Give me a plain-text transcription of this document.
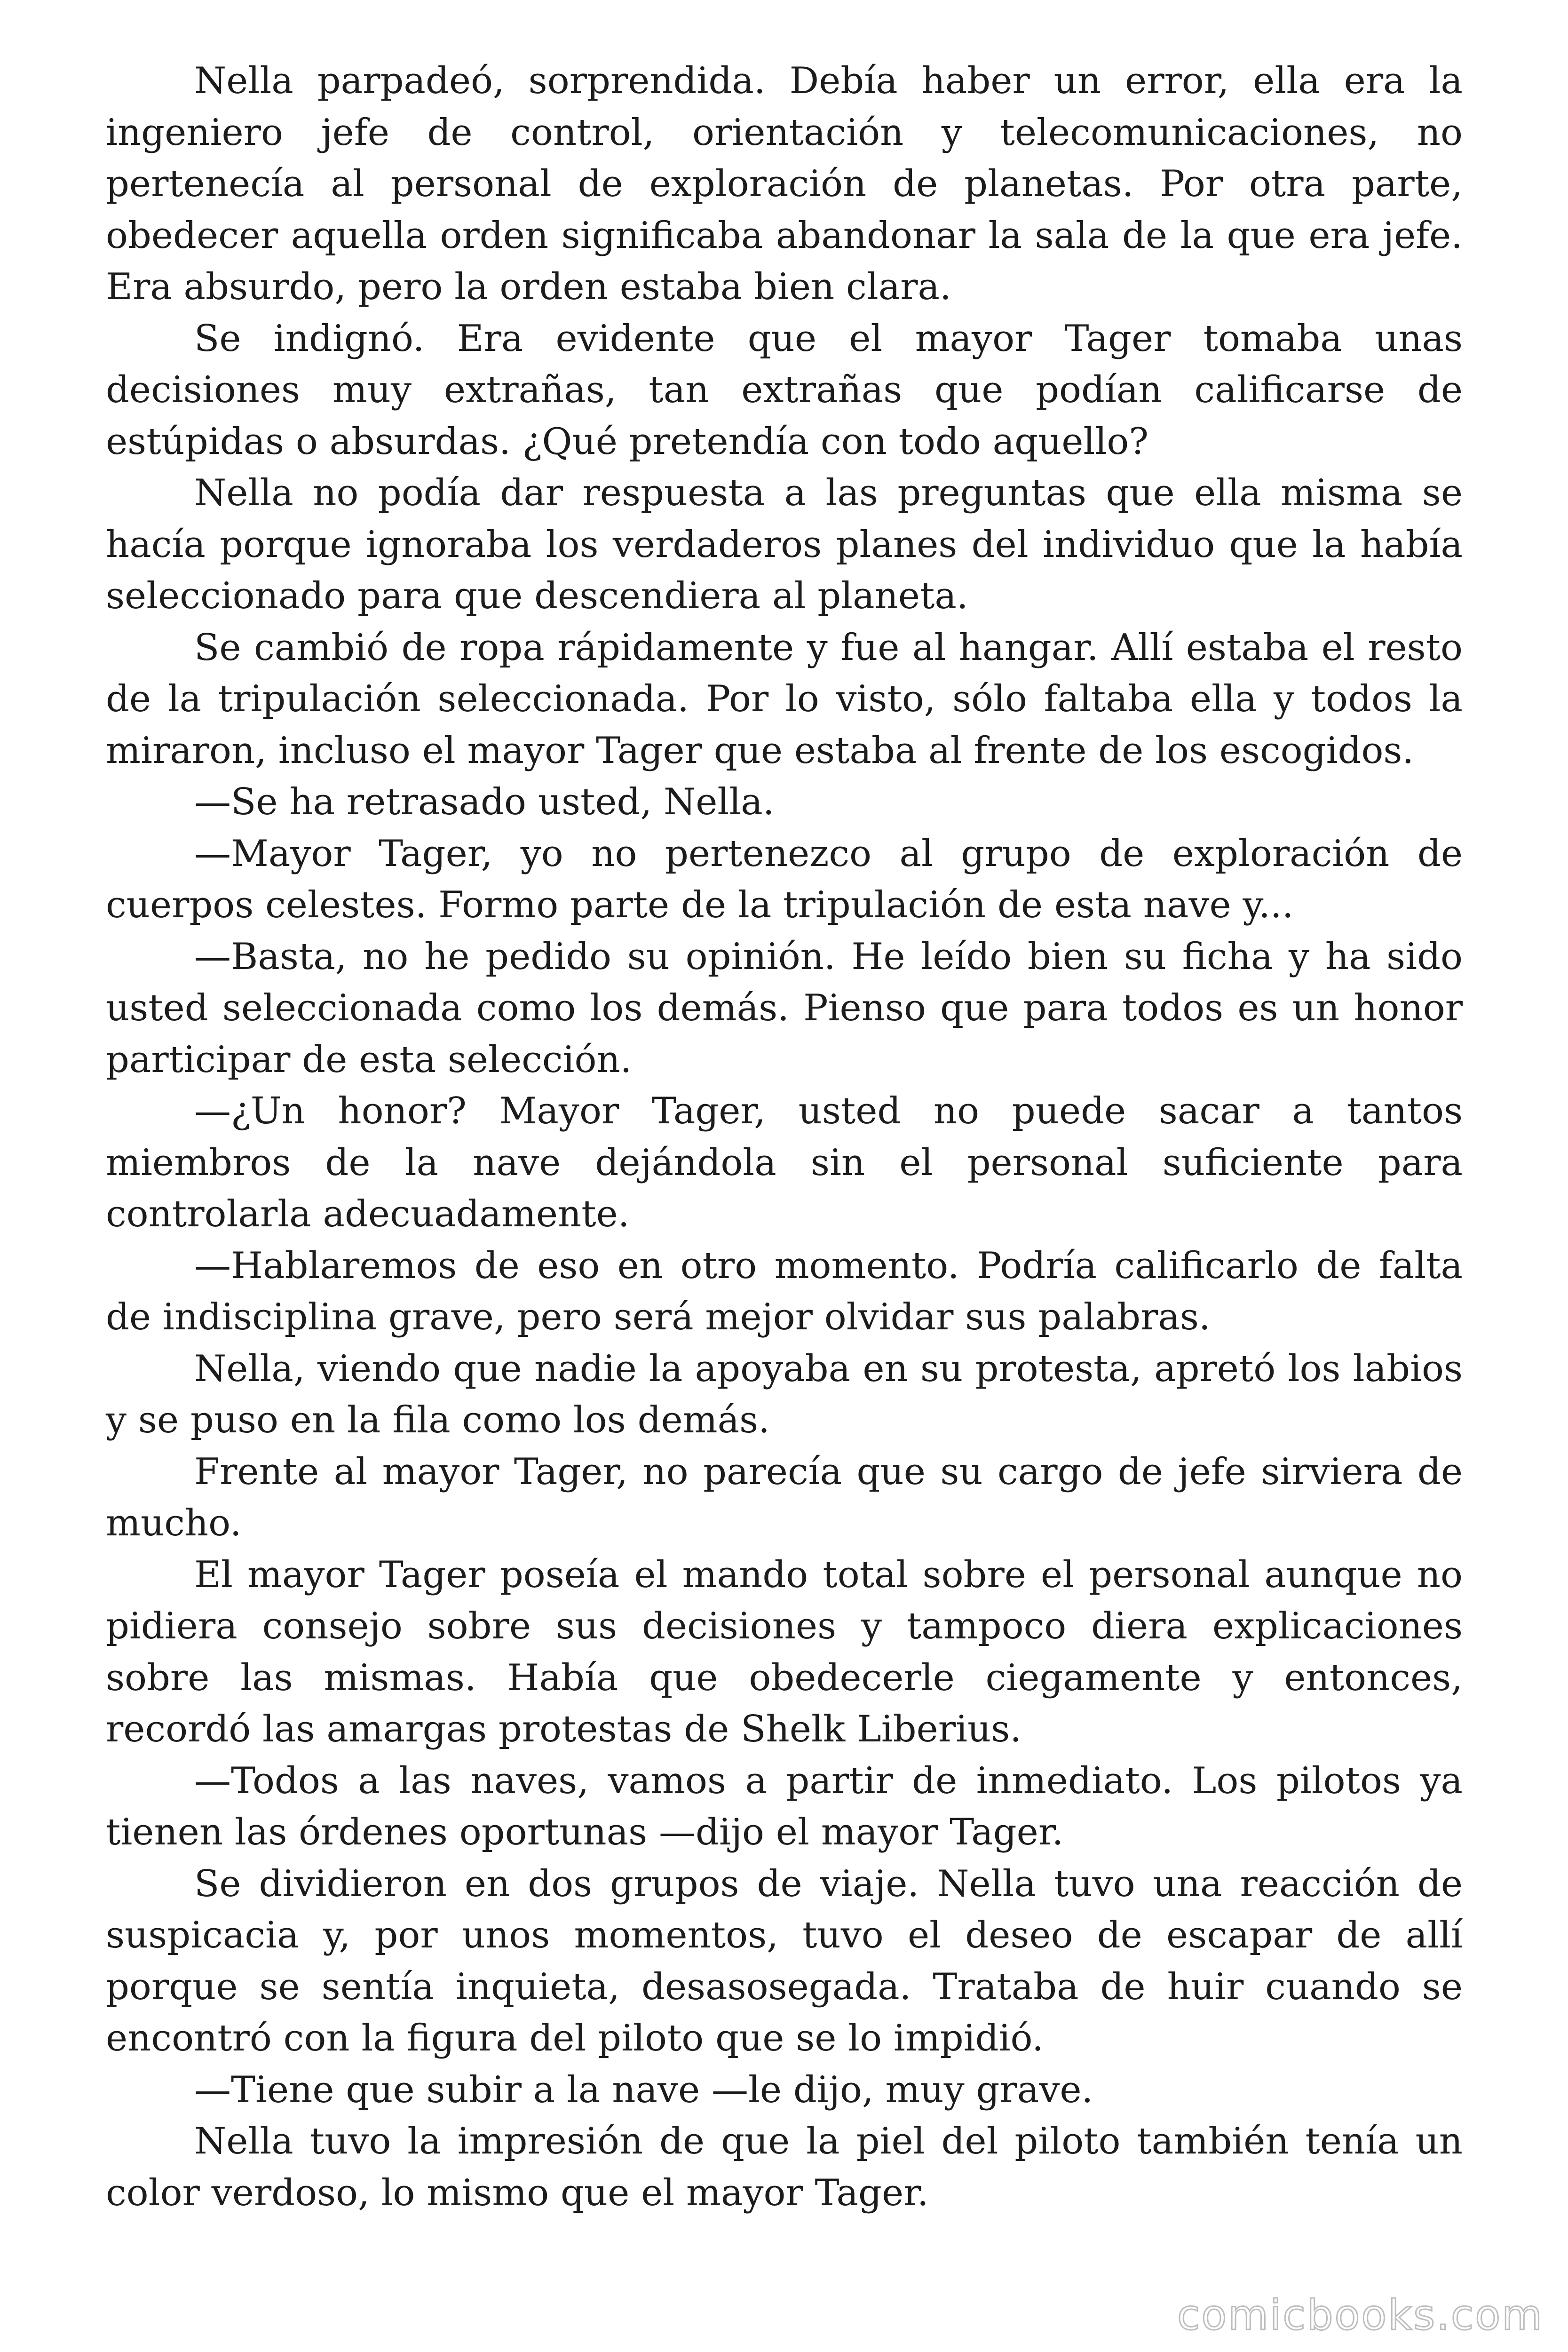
Nella parpadeó, sorprendida. Debía haber un error, ella era la ingeniero jefe de control, orientación y telecomunicaciones, no pertenecía al personal de exploración de planetas. Por otra parte, obedecer aquella orden significaba abandonar la sala de la que era jefe. Era absurdo, pero la orden estaba bien clara.

Se indignó. Era evidente que el mayor Tager tomaba unas decisiones muy extrañas, tan extrañas que podían calificarse de estúpidas o absurdas. ¿Qué pretendía con todo aquello?

Nella no podía dar respuesta a las preguntas que ella misma se hacía porque ignoraba los verdaderos planes del individuo que la había seleccionado para que descendiera al planeta.

Se cambió de ropa rápidamente y fue al hangar. Allí estaba el resto de la tripulación seleccionada. Por lo visto, sólo faltaba ella y todos la miraron, incluso el mayor Tager que estaba al frente de los escogidos.

—Se ha retrasado usted, Nella.

—Mayor Tager, yo no pertenezco al grupo de exploración de cuerpos celestes. Formo parte de la tripulación de esta nave y...

—Basta, no he pedido su opinión. He leído bien su ficha y ha sido usted seleccionada como los demás. Pienso que para todos es un honor participar de esta selección.

—¿Un honor? Mayor Tager, usted no puede sacar a tantos miembros de la nave dejándola sin el personal suficiente para controlarla adecuadamente.

—Hablaremos de eso en otro momento. Podría calificarlo de falta de indisciplina grave, pero será mejor olvidar sus palabras.

Nella, viendo que nadie la apoyaba en su protesta, apretó los labios y se puso en la fila como los demás.

Frente al mayor Tager, no parecía que su cargo de jefe sirviera de mucho.

El mayor Tager poseía el mando total sobre el personal aunque no pidiera consejo sobre sus decisiones y tampoco diera explicaciones sobre las mismas. Había que obedecerle ciegamente y entonces, recordó las amargas protestas de Shelk Liberius.

—Todos a las naves, vamos a partir de inmediato. Los pilotos ya tienen las órdenes oportunas —dijo el mayor Tager.

Se dividieron en dos grupos de viaje. Nella tuvo una reacción de suspicacia y, por unos momentos, tuvo el deseo de escapar de allí porque se sentía inquieta, desasosegada. Trataba de huir cuando se encontró con la figura del piloto que se lo impidió.

—Tiene que subir a la nave —le dijo, muy grave.

Nella tuvo la impresión de que la piel del piloto también tenía un color verdoso, lo mismo que el mayor Tager.

comicbooks.com
